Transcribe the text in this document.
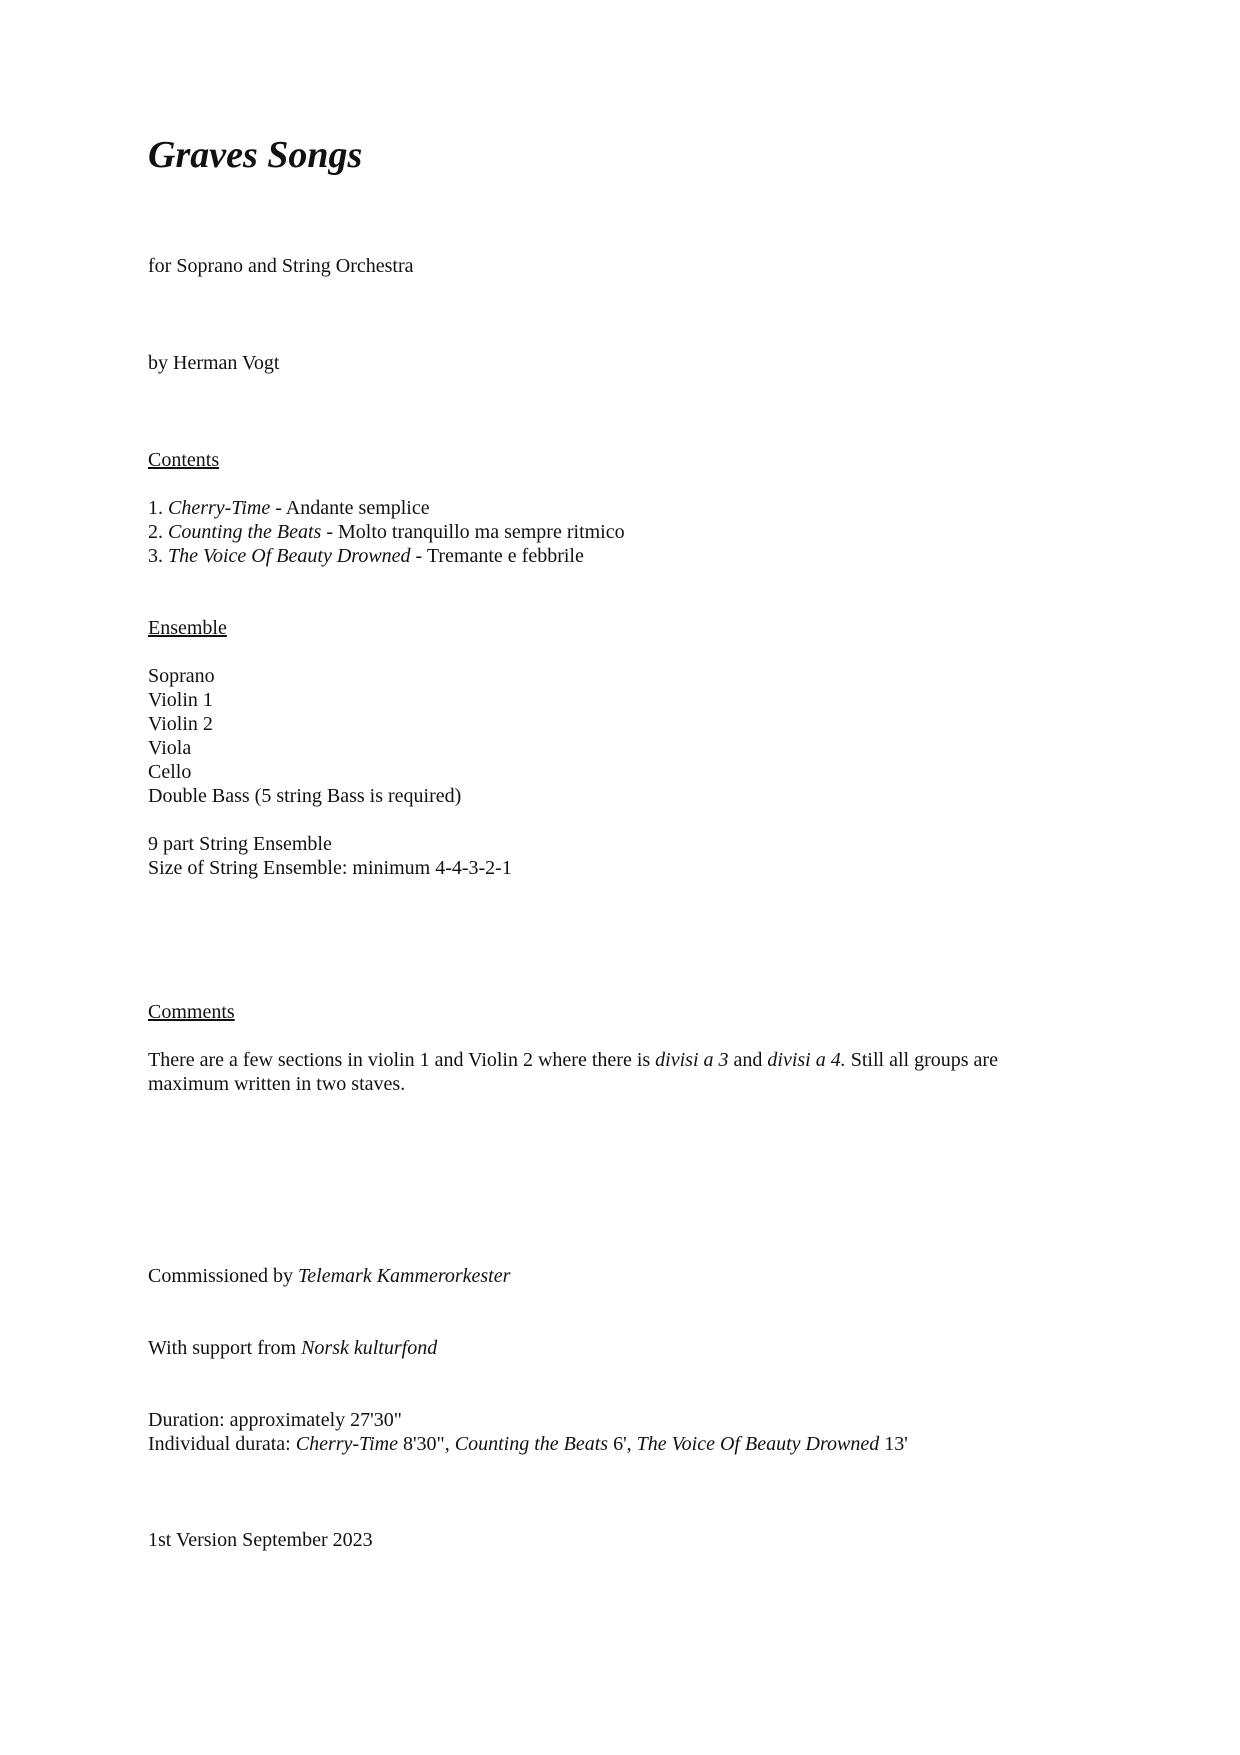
Graves Songs
for Soprano and String Orchestra
by Herman Vogt
Contents
1. Cherry-Time - Andante semplice
2. Counting the Beats - Molto tranquillo ma sempre ritmico
3. The Voice Of Beauty Drowned - Tremante e febbrile
Ensemble
Soprano
Violin 1
Violin 2
Viola
Cello
Double Bass (5 string Bass is required)
9 part String Ensemble
Size of String Ensemble: minimum 4-4-3-2-1
Comments
There are a few sections in violin 1 and Violin 2 where there is divisi a 3 and divisi a 4. Still all groups are maximum written in two staves.
Commissioned by Telemark Kammerorkester
With support from Norsk kulturfond
Duration: approximately 27'30"
Individual durata: Cherry-Time 8'30", Counting the Beats 6', The Voice Of Beauty Drowned 13'
1st Version September 2023
